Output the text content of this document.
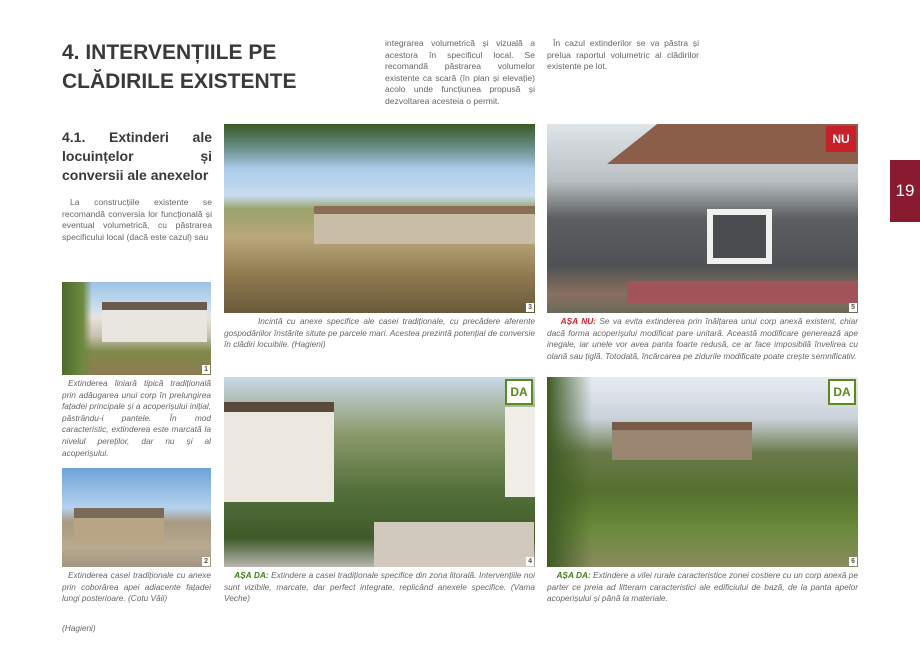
4. INTERVENȚIILE PE CLĂDIRILE EXISTENTE
integrarea volumetrică și vizuală a acestora în specificul local. Se recomandă păstrarea volumelor existente ca scară (în plan și elevație) acolo unde funcțiunea propusă și dezvoltarea acesteia o permit.
În cazul extinderilor se va păstra și prelua raportul volumetric al clădirilor existente pe lot.
4.1. Extinderi ale locuințelor și conversii ale anexelor
La construcțiile existente se recomandă conversia lor funcțională și eventual volumetrică, cu păstrarea specificului local (dacă este cazul) sau
1
Extinderea liniară tipică tradițională prin adăugarea unui corp în prelungirea fațadei principale și a acoperișului inițial, păstrându-i pantele. În mod caracteristic, extinderea este marcată la nivelul pereților, dar nu și al acoperișului.
2
Extinderea casei tradiționale cu anexe prin coborârea apei adiacente fațadei lungi posterioare. (Cotu Văii)
3
Incintă cu anexe specifice ale casei tradiționale, cu precădere aferente gospodăriilor înstărite situte pe parcele mari. Acestea prezintă potențial de conversie în clădiri locuibile. (Hagieni)
DA
4
AȘA DA: Extindere a casei tradiționale specifice din zona litorală. Intervențiile noi sunt vizibile, marcate, dar perfect integrate, replicând anexele specifice. (Vama Veche)
NU
5
AȘA NU: Se va evita extinderea prin înălțarea unui corp anexă existent, chiar dacă forma acoperișului modificat pare unitară. Această modificare generează ape inegale, iar unele vor avea panta foarte redusă, ce ar face imposibilă învelirea cu olană sau țiglă. Totodată, încărcarea pe zidurile modificate poate crește semnificativ.
DA
6
AȘA DA: Extindere a vilei rurale caracteristice zonei costiere cu un corp anexă pe parter ce preia ad litteram caracteristici ale edificiului de bază, de la panta apelor acoperișului și până la materiale.
(Hagieni)
19
